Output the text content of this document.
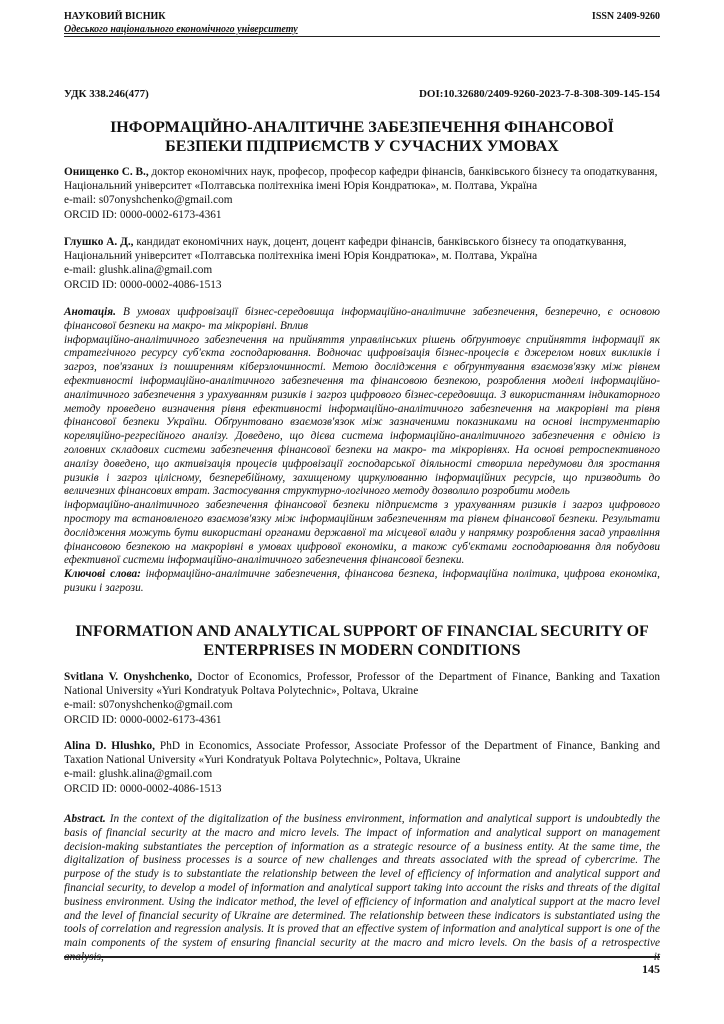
НАУКОВИЙ ВІСНИК	ISSN 2409-9260
Одеського національного економічного університету
УДК 338.246(477)	DOI:10.32680/2409-9260-2023-7-8-308-309-145-154
ІНФОРМАЦІЙНО-АНАЛІТИЧНЕ ЗАБЕЗПЕЧЕННЯ ФІНАНСОВОЇ
БЕЗПЕКИ ПІДПРИЄМСТВ У СУЧАСНИХ УМОВАХ

Онищенко С. В., доктор економічних наук, професор, професор кафедри фінансів, банківського бізнесу та оподаткування,

Національний університет «Полтавська політехніка імені Юрія Кондратюка», м. Полтава, Україна

e-mail: s07onyshchenko@gmail.com

ORCID ID: 0000-0002-6173-4361

Глушко А. Д., кандидат економічних наук, доцент, доцент кафедри фінансів, банківського бізнесу та оподаткування,

Національний університет «Полтавська політехніка імені Юрія Кондратюка», м. Полтава, Україна

e-mail: glushk.alina@gmail.com

ORCID ID: 0000-0002-4086-1513

Анотація. В умовах цифровізації бізнес-середовища інформаційно-аналітичне забезпечення, безперечно, є основою фінансової безпеки на макро- та мікрорівні. Вплив

інформаційно-аналітичного забезпечення на прийняття управлінських рішень обґрунтовує сприйняття інформації як стратегічного ресурсу суб'єкта господарювання. Водночас цифровізація бізнес-процесів є джерелом нових викликів і загроз, пов'язаних із поширенням кіберзлочинності. Метою дослідження є обґрунтування взаємозв'язку між рівнем ефективності інформаційно-аналітичного забезпечення та фінансовою безпекою, розроблення моделі інформаційно-аналітичного забезпечення з урахуванням ризиків і загроз цифрового бізнес-середовища. З використанням індикаторного методу проведено визначення рівня ефективності інформаційно-аналітичного забезпечення на макрорівні та рівня фінансової безпеки України. Обґрунтовано взаємозв'язок між зазначеними показниками на основі інструментарію кореляційно-регресійного аналізу. Доведено, що дієва система інформаційно-аналітичного забезпечення є однією із головних складових системи забезпечення фінансової безпеки на макро- та мікрорівнях. На основі ретроспективного аналізу доведено, що активізація процесів цифровізації господарської діяльності створила передумови для зростання ризиків і загроз цілісному, безперебійному, захищеному циркулюванню інформаційних ресурсів, що призводить до величезних фінансових втрат. Застосування структурно-логічного методу дозволило розробити модель

інформаційно-аналітичного забезпечення фінансової безпеки підприємств з урахуванням ризиків і загроз цифрового простору та встановленого взаємозв'язку між інформаційним забезпеченням та рівнем фінансової безпеки. Результати дослідження можуть бути використані органами державної та місцевої влади у напрямку розроблення засад управління фінансовою безпекою на макрорівні в умовах цифрової економіки, а також суб'єктами господарювання для побудови ефективної системи інформаційно-аналітичного забезпечення фінансової безпеки.

Ключові слова: інформаційно-аналітичне забезпечення, фінансова безпека, інформаційна політика, цифрова економіка, ризики і загрози.

INFORMATION AND ANALYTICAL SUPPORT OF FINANCIAL SECURITY OF
ENTERPRISES IN MODERN CONDITIONS

Svitlana V. Onyshchenko, Doctor of Economics, Professor, Professor of the Department of Finance, Banking and Taxation National University «Yuri Kondratyuk Poltava Polytechnic», Poltava, Ukraine

e-mail: s07onyshchenko@gmail.com

ORCID ID: 0000-0002-6173-4361

Alina D. Hlushko, PhD in Economics, Associate Professor, Associate Professor of the Department of Finance, Banking and Taxation National University «Yuri Kondratyuk Poltava Polytechnic», Poltava, Ukraine

e-mail: glushk.alina@gmail.com

ORCID ID: 0000-0002-4086-1513

Abstract. In the context of the digitalization of the business environment, information and analytical support is undoubtedly the basis of financial security at the macro and micro levels. The impact of information and analytical support on management decision-making substantiates the perception of information as a strategic resource of a business entity. At the same time, the digitalization of business processes is a source of new challenges and threats associated with the spread of cybercrime. The purpose of the study is to substantiate the relationship between the level of efficiency of information and analytical support and financial security, to develop a model of information and analytical support taking into account the risks and threats of the digital business environment. Using the indicator method, the level of efficiency of information and analytical support at the macro level and the level of financial security of Ukraine are determined. The relationship between these indicators is substantiated using the tools of correlation and regression analysis. It is proved that an effective system of information and analytical support is one of the main components of the system of ensuring financial security at the macro and micro levels. On the basis of a retrospective

145
